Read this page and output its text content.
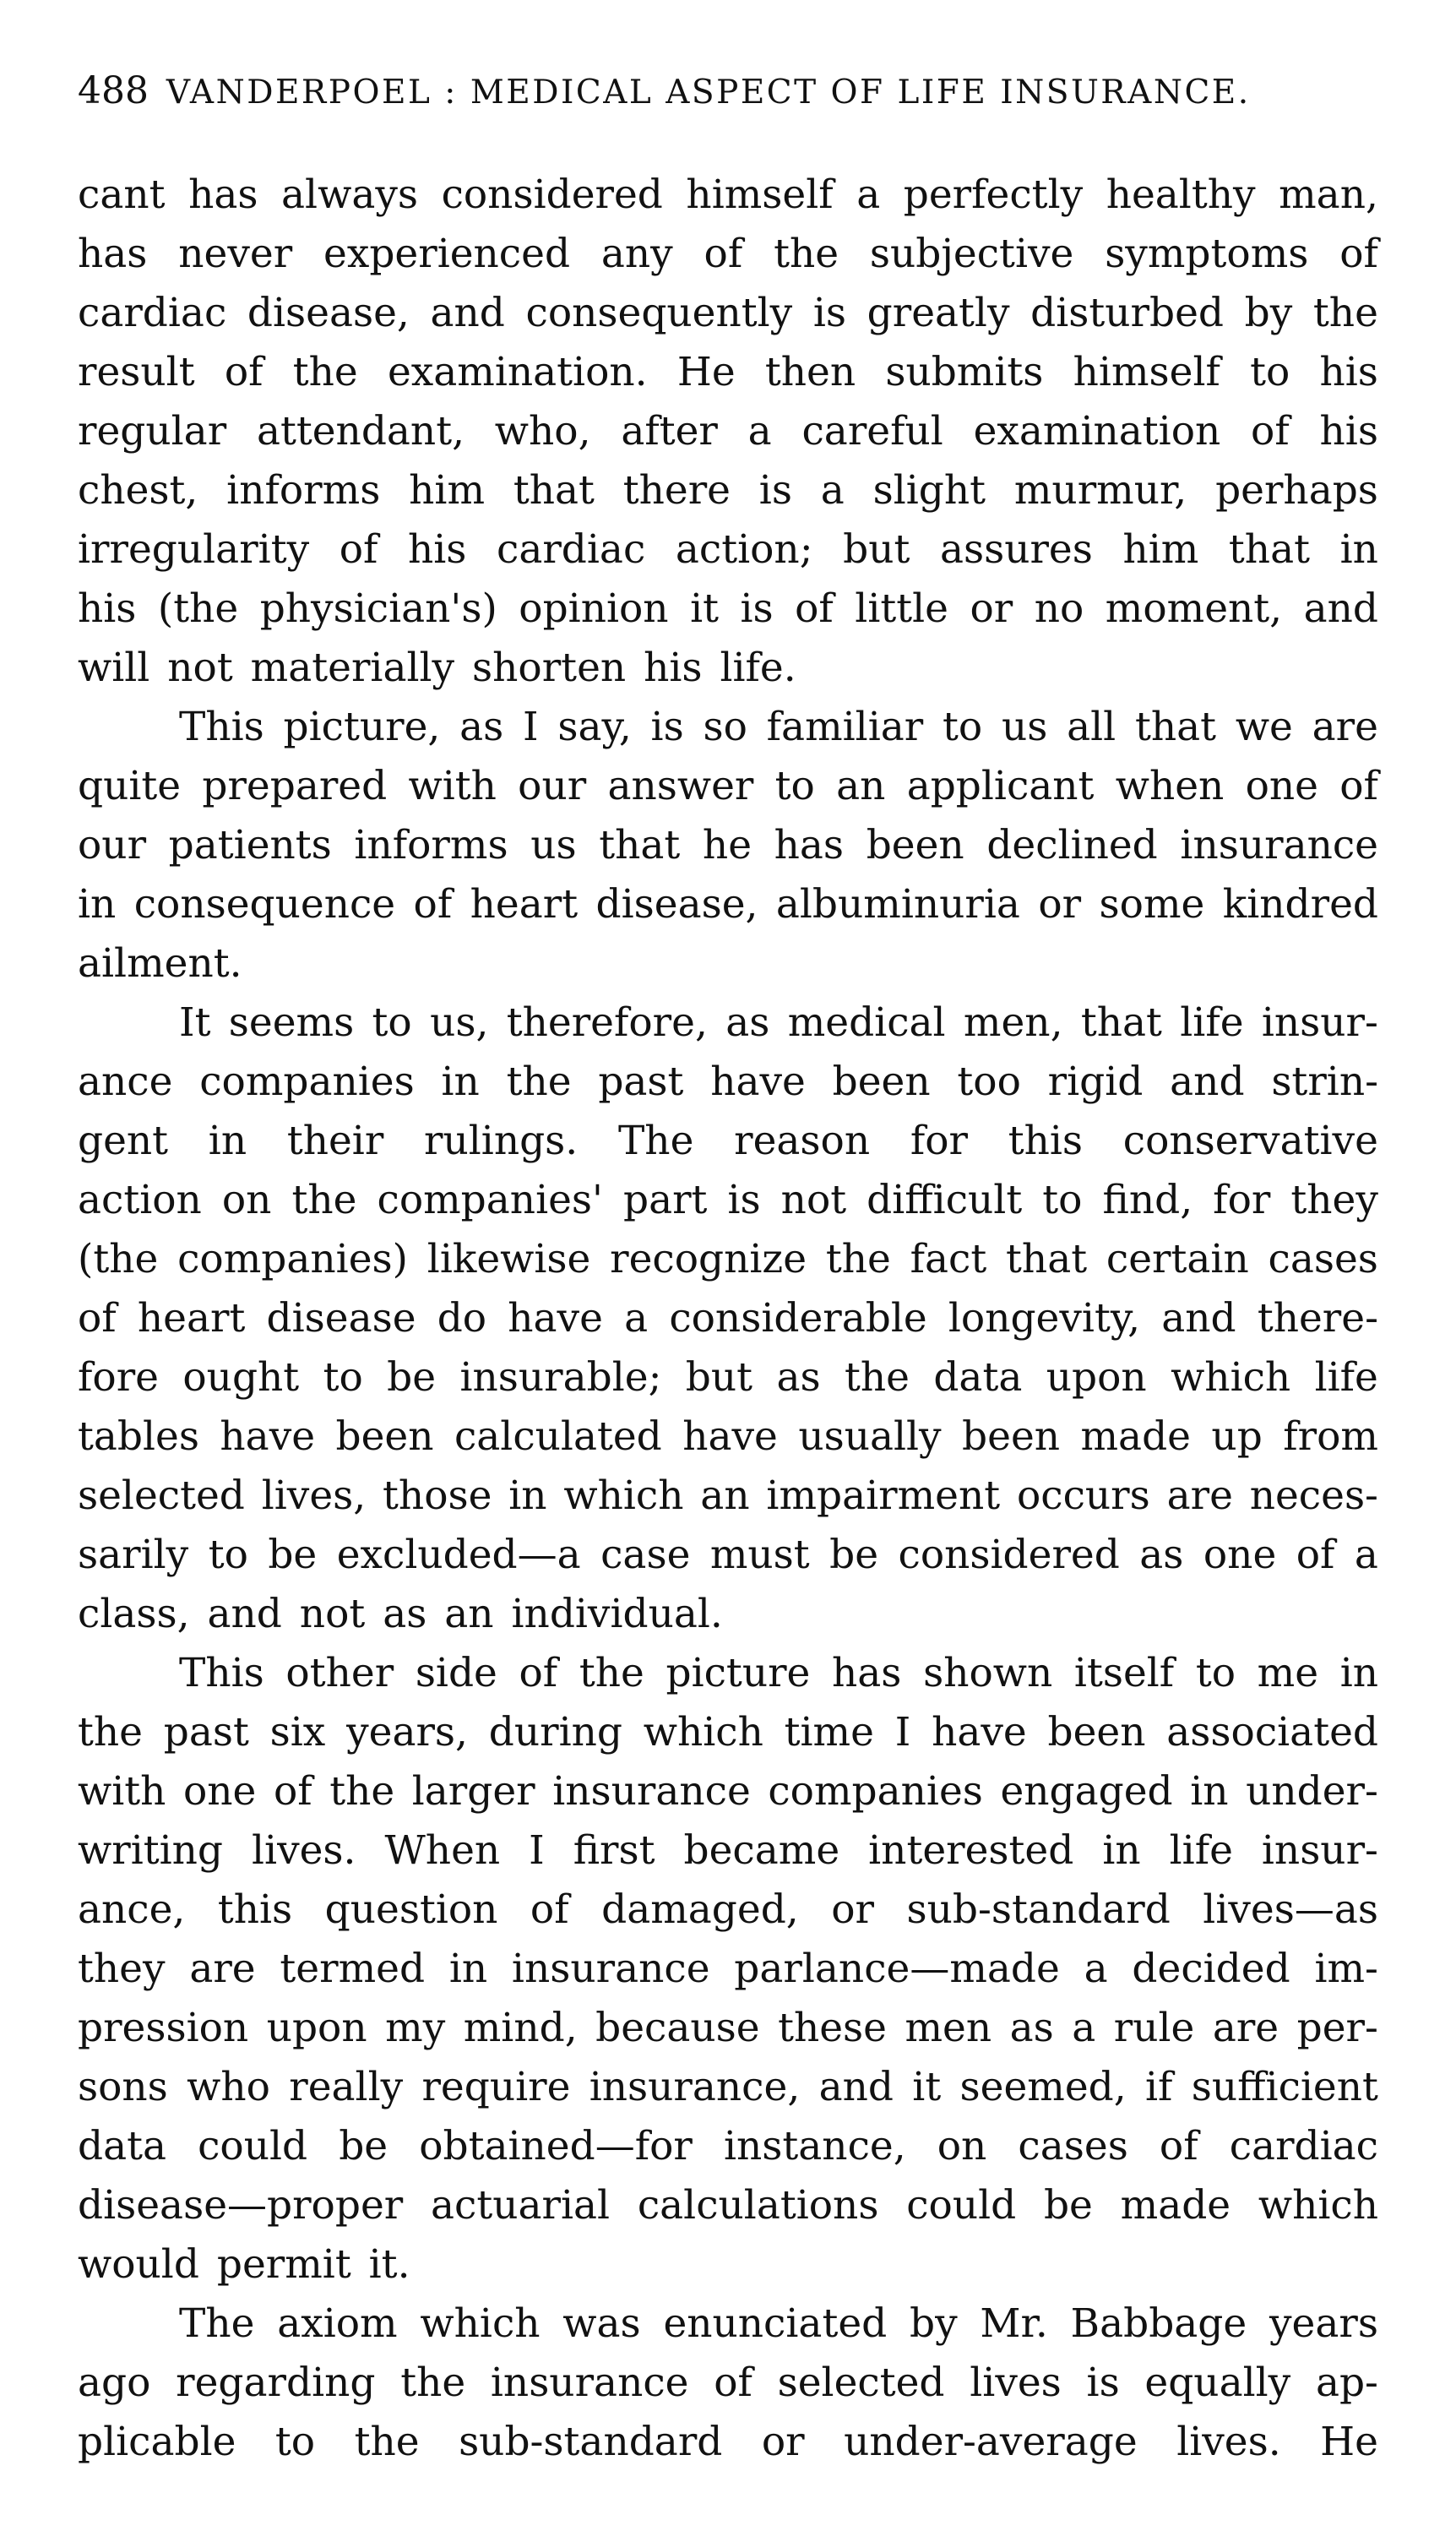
488 VANDERPOEL : MEDICAL ASPECT OF LIFE INSURANCE.
cant has always considered himself a perfectly healthy man,
has never experienced any of the subjective symptoms of
cardiac disease, and consequently is greatly disturbed by the
result of the examination. He then submits himself to his
regular attendant, who, after a careful examination of his
chest, informs him that there is a slight murmur, perhaps
irregularity of his cardiac action; but assures him that in
his (the physician's) opinion it is of little or no moment, and
will not materially shorten his life.
This picture, as I say, is so familiar to us all that we are
quite prepared with our answer to an applicant when one of
our patients informs us that he has been declined insurance
in consequence of heart disease, albuminuria or some kindred
ailment.
It seems to us, therefore, as medical men, that life insur-
ance companies in the past have been too rigid and strin-
gent in their rulings. The reason for this conservative
action on the companies' part is not difficult to find, for they
(the companies) likewise recognize the fact that certain cases
of heart disease do have a considerable longevity, and there-
fore ought to be insurable; but as the data upon which life
tables have been calculated have usually been made up from
selected lives, those in which an impairment occurs are neces-
sarily to be excluded—a case must be considered as one of a
class, and not as an individual.
This other side of the picture has shown itself to me in
the past six years, during which time I have been associated
with one of the larger insurance companies engaged in under-
writing lives. When I first became interested in life insur-
ance, this question of damaged, or sub-standard lives—as
they are termed in insurance parlance—made a decided im-
pression upon my mind, because these men as a rule are per-
sons who really require insurance, and it seemed, if sufficient
data could be obtained—for instance, on cases of cardiac
disease—proper actuarial calculations could be made which
would permit it.
The axiom which was enunciated by Mr. Babbage years
ago regarding the insurance of selected lives is equally ap-
plicable to the sub-standard or under-average lives. He
